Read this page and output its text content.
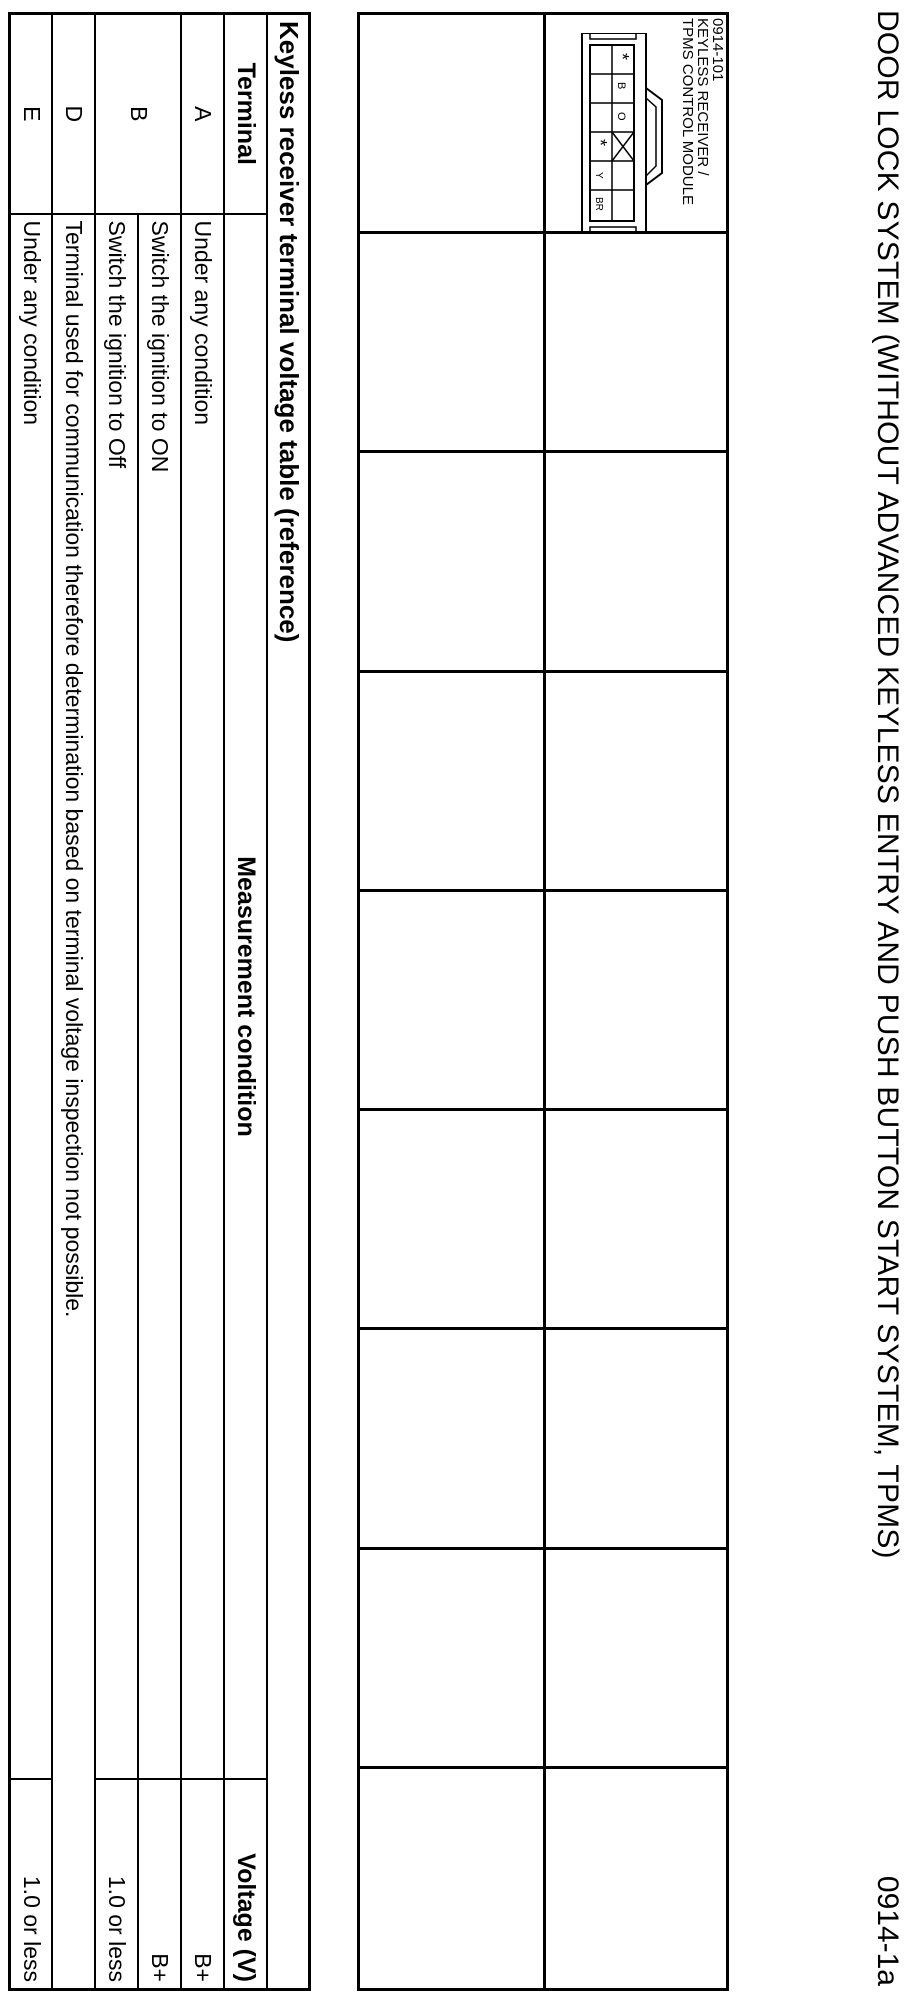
DOOR LOCK SYSTEM (WITHOUT ADVANCED KEYLESS ENTRY AND PUSH BUTTON START SYSTEM, TPMS)
0914-1a
0914-101
KEYLESS RECEIVER /
TPMS CONTROL MODULE
*
B
O
*
Y
BR
Keyless receiver terminal voltage table (reference)		
Terminal	Measurement condition	Voltage (V)
A	Under any condition	B+
B	Switch the ignition to ON	B+
	Switch the ignition to Off	1.0 or less
D	Terminal used for communication therefore determination based on terminal voltage inspection not possible.	
E	Under any condition	1.0 or less
